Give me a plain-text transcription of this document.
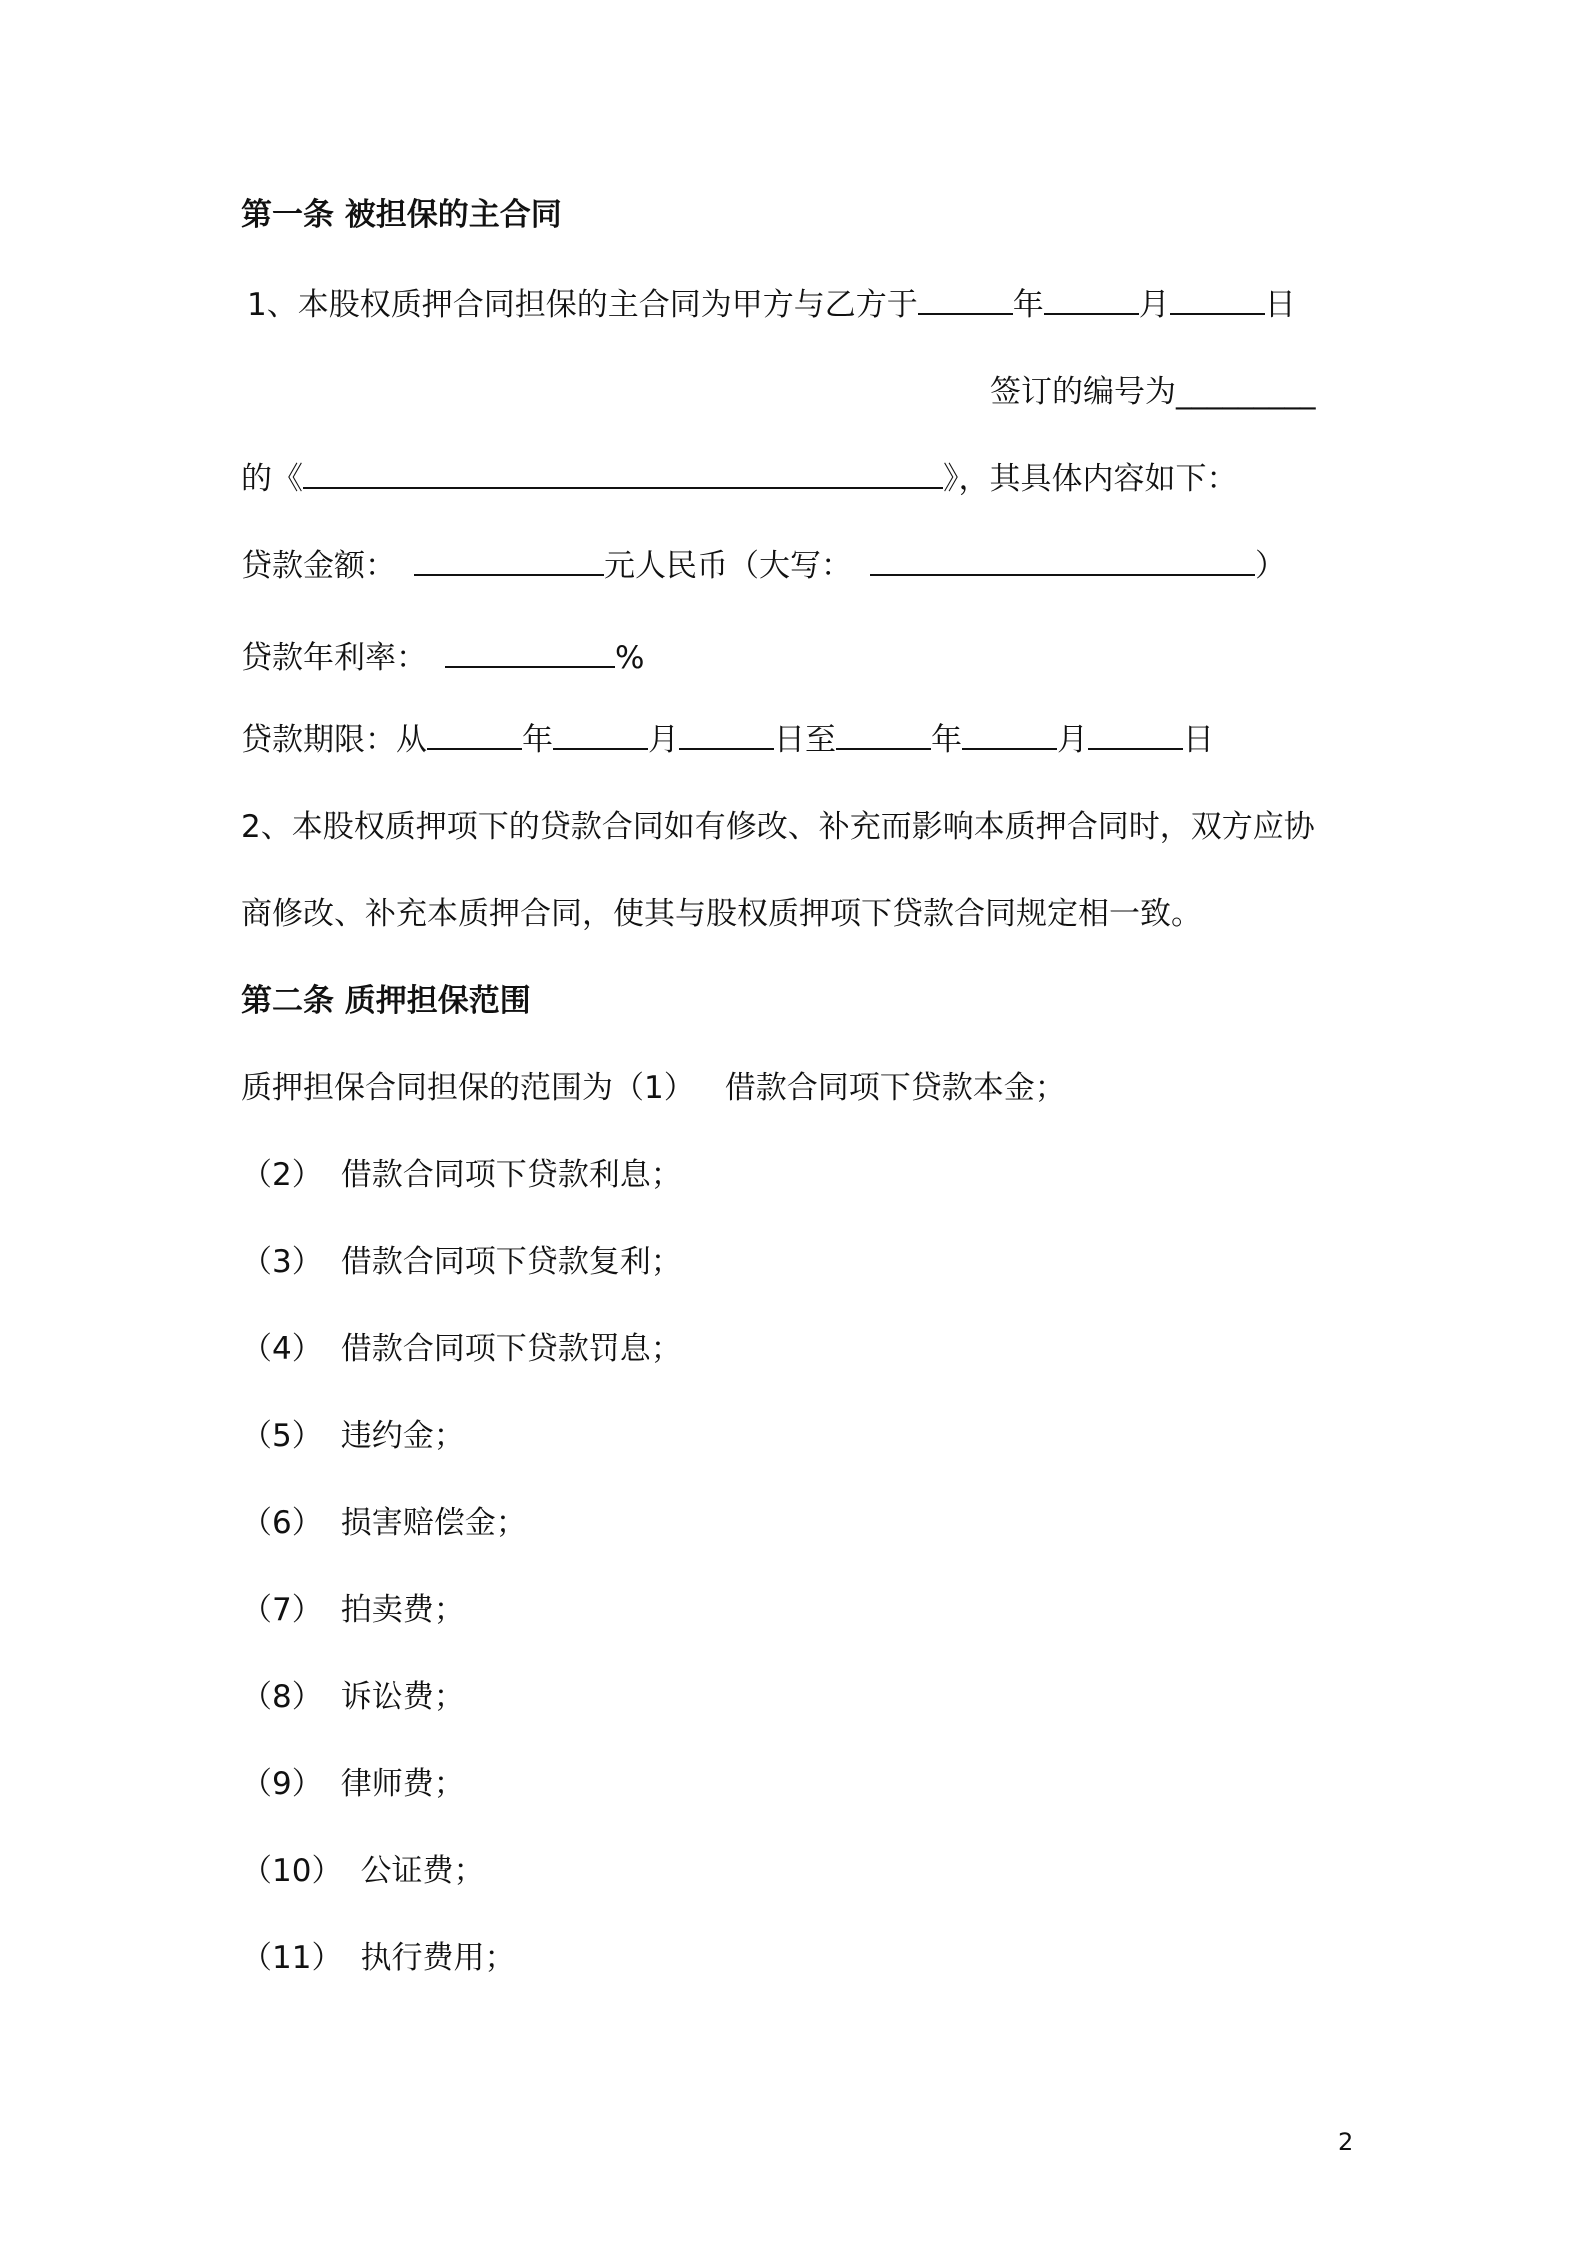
第一条 被担保的主合同
1、本股权质押合同担保的主合同为甲方与乙方于	年	月	日
签订的编号为_________
的《	》，其具体内容如下：
贷款金额：	元人民币（大写：	）
贷款年利率：	%
贷款期限：从	年	月	日至	年	月	日
2、本股权质押项下的贷款合同如有修改、补充而影响本质押合同时，双方应协
商修改、补充本质押合同，使其与股权质押项下贷款合同规定相一致。
第二条 质押担保范围
质押担保合同担保的范围为（1） 借款合同项下贷款本金；
（2） 借款合同项下贷款利息；
（3） 借款合同项下贷款复利；
（4） 借款合同项下贷款罚息；
（5） 违约金；
（6） 损害赔偿金；
（7） 拍卖费；
（8） 诉讼费；
（9） 律师费；
（10） 公证费；
（11） 执行费用；
2
